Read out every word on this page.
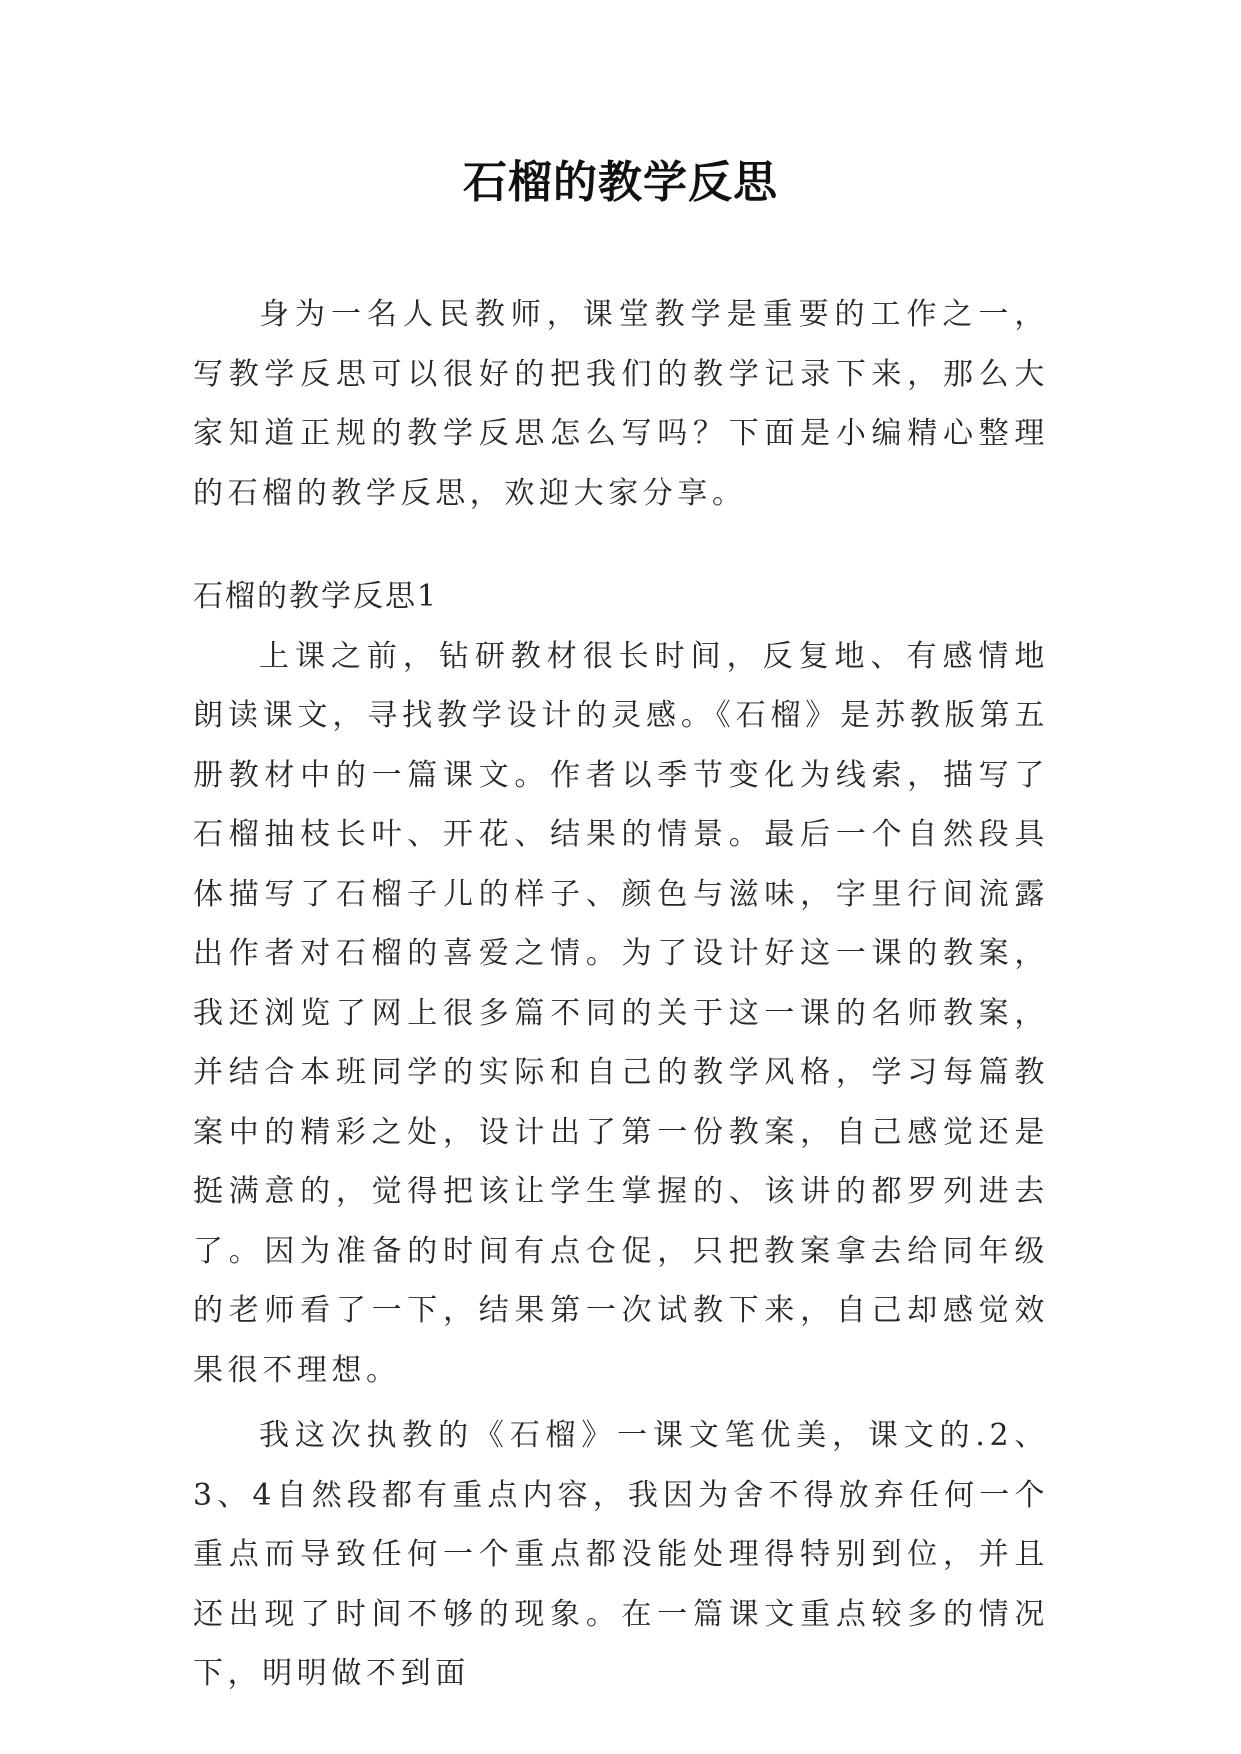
石榴的教学反思

身为一名人民教师，课堂教学是重要的工作之一，写教学反思可以很好的把我们的教学记录下来，那么大家知道正规的教学反思怎么写吗？下面是小编精心整理的石榴的教学反思，欢迎大家分享。

石榴的教学反思1

上课之前，钻研教材很长时间，反复地、有感情地朗读课文，寻找教学设计的灵感。《石榴》是苏教版第五册教材中的一篇课文。作者以季节变化为线索，描写了石榴抽枝长叶、开花、结果的情景。最后一个自然段具体描写了石榴子儿的样子、颜色与滋味，字里行间流露出作者对石榴的喜爱之情。为了设计好这一课的教案，我还浏览了网上很多篇不同的关于这一课的名师教案，并结合本班同学的实际和自己的教学风格，学习每篇教案中的精彩之处，设计出了第一份教案，自己感觉还是挺满意的，觉得把该让学生掌握的、该讲的都罗列进去了。因为准备的时间有点仓促，只把教案拿去给同年级的老师看了一下，结果第一次试教下来，自己却感觉效果很不理想。

我这次执教的《石榴》一课文笔优美，课文的.2、3、4自然段都有重点内容，我因为舍不得放弃任何一个重点而导致任何一个重点都没能处理得特别到位，并且还出现了时间不够的现象。在一篇课文重点较多的情况下，明明做不到面
